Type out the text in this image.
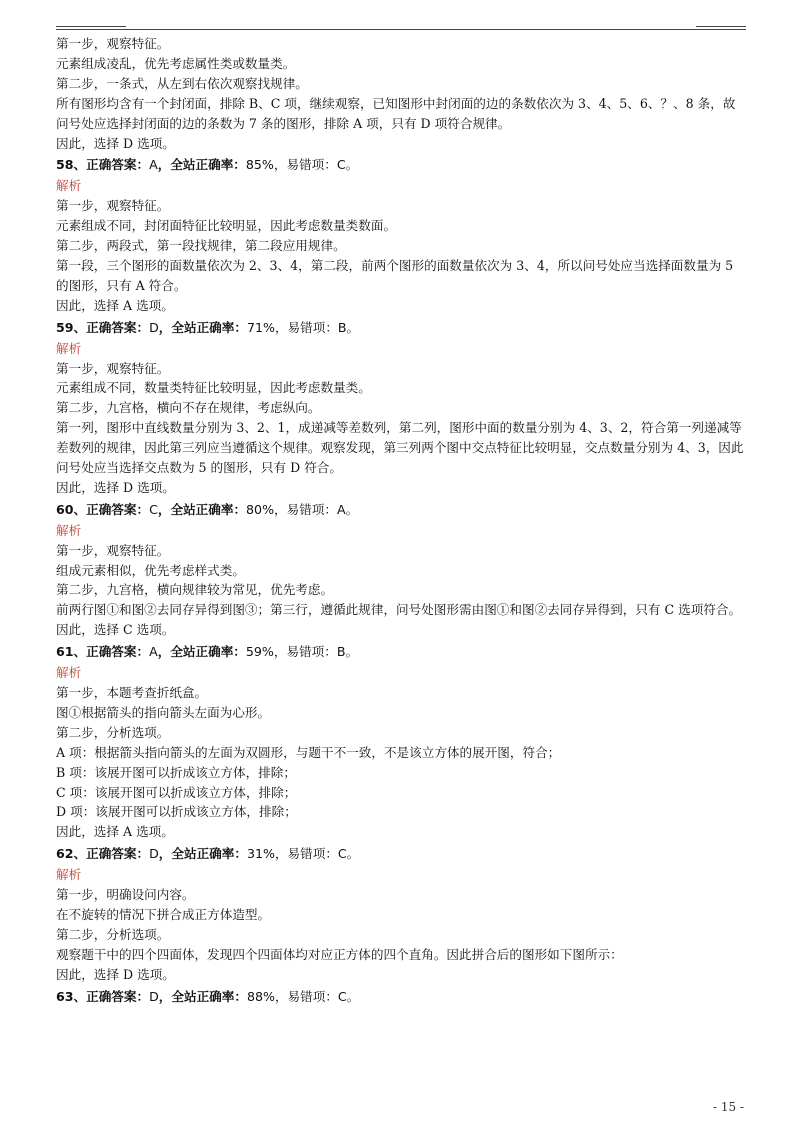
第一步，观察特征。

元素组成凌乱，优先考虑属性类或数量类。

第二步，一条式，从左到右依次观察找规律。

所有图形均含有一个封闭面，排除 B、C 项，继续观察，已知图形中封闭面的边的条数依次为 3、4、5、6、？、8 条，故问号处应选择封闭面的边的条数为 7 条的图形，排除 A 项，只有 D 项符合规律。

因此，选择 D 选项。

58、正确答案：A，全站正确率：85%，易错项：C。

解析

第一步，观察特征。

元素组成不同，封闭面特征比较明显，因此考虑数量类数面。

第二步，两段式，第一段找规律，第二段应用规律。

第一段，三个图形的面数量依次为 2、3、4，第二段，前两个图形的面数量依次为 3、4，所以问号处应当选择面数量为 5 的图形，只有 A 符合。

因此，选择 A 选项。

59、正确答案：D，全站正确率：71%，易错项：B。

解析

第一步，观察特征。

元素组成不同，数量类特征比较明显，因此考虑数量类。

第二步，九宫格，横向不存在规律，考虑纵向。

第一列，图形中直线数量分别为 3、2、1，成递减等差数列，第二列，图形中面的数量分别为 4、3、2，符合第一列递减等差数列的规律，因此第三列应当遵循这个规律。观察发现，第三列两个图中交点特征比较明显，交点数量分别为 4、3，因此问号处应当选择交点数为 5 的图形，只有 D 符合。

因此，选择 D 选项。

60、正确答案：C，全站正确率：80%，易错项：A。

解析

第一步，观察特征。

组成元素相似，优先考虑样式类。

第二步，九宫格，横向规律较为常见，优先考虑。

前两行图①和图②去同存异得到图③；第三行，遵循此规律，问号处图形需由图①和图②去同存异得到，只有 C 选项符合。

因此，选择 C 选项。

61、正确答案：A，全站正确率：59%，易错项：B。

解析

第一步，本题考查折纸盒。

图①根据箭头的指向箭头左面为心形。

第二步，分析选项。

A 项：根据箭头指向箭头的左面为双圆形，与题干不一致，不是该立方体的展开图，符合；

B 项：该展开图可以折成该立方体，排除；

C 项：该展开图可以折成该立方体，排除；

D 项：该展开图可以折成该立方体，排除；

因此，选择 A 选项。

62、正确答案：D，全站正确率：31%，易错项：C。

解析

第一步，明确设问内容。

在不旋转的情况下拼合成正方体造型。

第二步，分析选项。

观察题干中的四个四面体，发现四个四面体均对应正方体的四个直角。因此拼合后的图形如下图所示：

因此，选择 D 选项。

63、正确答案：D，全站正确率：88%，易错项：C。

- 15 -
